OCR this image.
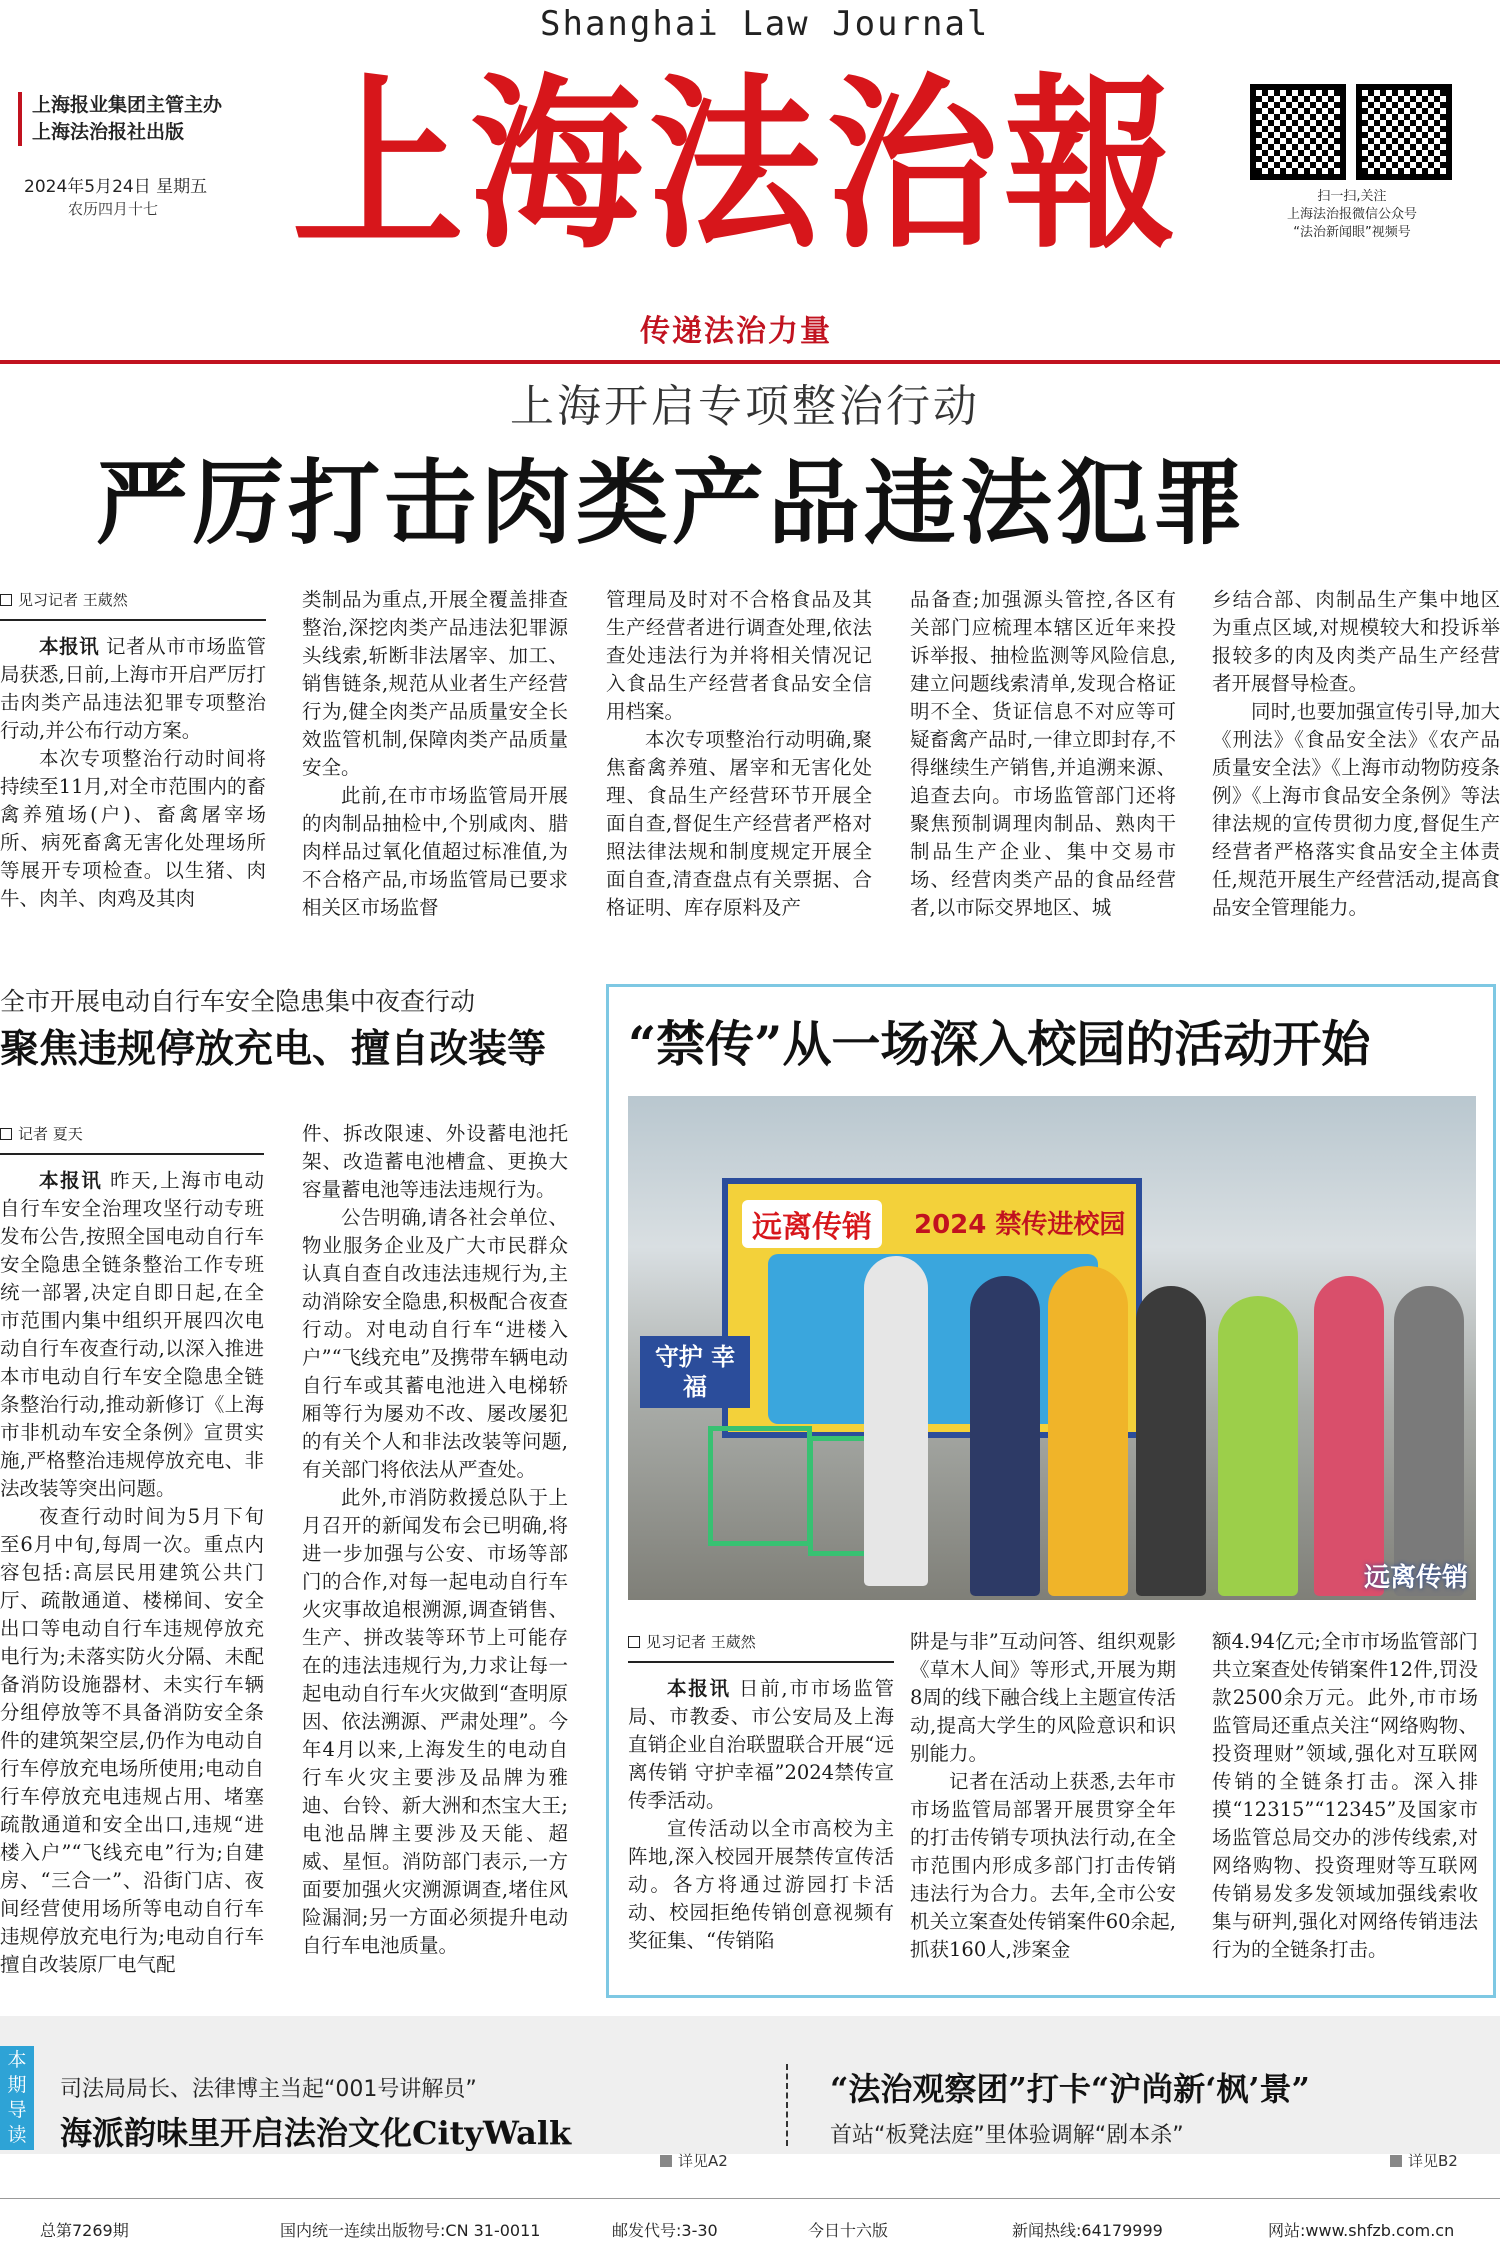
Shanghai Law Journal
上海报业集团主管主办
上海法治报社出版
2024年5月24日 星期五
农历四月十七 上海法治報	扫一扫,关注
上海法治报微信公众号
“法治新闻眼”视频号
传递法治力量
上海开启专项整治行动
严厉打击肉类产品违法犯罪
见习记者 王葳然

本报讯 记者从市市场监管局获悉,日前,上海市开启严厉打击肉类产品违法犯罪专项整治行动,并公布行动方案。

本次专项整治行动时间将持续至11月,对全市范围内的畜禽养殖场(户)、畜禽屠宰场所、病死畜禽无害化处理场所等展开专项检查。以生猪、肉牛、肉羊、肉鸡及其肉

类制品为重点,开展全覆盖排查整治,深挖肉类产品违法犯罪源头线索,斩断非法屠宰、加工、销售链条,规范从业者生产经营行为,健全肉类产品质量安全长效监管机制,保障肉类产品质量安全。

此前,在市市场监管局开展的肉制品抽检中,个别咸肉、腊肉样品过氧化值超过标准值,为不合格产品,市场监管局已要求相关区市场监督

管理局及时对不合格食品及其生产经营者进行调查处理,依法查处违法行为并将相关情况记入食品生产经营者食品安全信用档案。

本次专项整治行动明确,聚焦畜禽养殖、屠宰和无害化处理、食品生产经营环节开展全面自查,督促生产经营者严格对照法律法规和制度规定开展全面自查,清查盘点有关票据、合格证明、库存原料及产

品备查;加强源头管控,各区有关部门应梳理本辖区近年来投诉举报、抽检监测等风险信息,建立问题线索清单,发现合格证明不全、货证信息不对应等可疑畜禽产品时,一律立即封存,不得继续生产销售,并追溯来源、追查去向。市场监管部门还将聚焦预制调理肉制品、熟肉干制品生产企业、集中交易市场、经营肉类产品的食品经营者,以市际交界地区、城

乡结合部、肉制品生产集中地区为重点区域,对规模较大和投诉举报较多的肉及肉类产品生产经营者开展督导检查。

同时,也要加强宣传引导,加大《刑法》《食品安全法》《农产品质量安全法》《上海市动物防疫条例》《上海市食品安全条例》等法律法规的宣传贯彻力度,督促生产经营者严格落实食品安全主体责任,规范开展生产经营活动,提高食品安全管理能力。

全市开展电动自行车安全隐患集中夜查行动
聚焦违规停放充电、擅自改装等
记者 夏天

本报讯 昨天,上海市电动自行车安全治理攻坚行动专班发布公告,按照全国电动自行车安全隐患全链条整治工作专班统一部署,决定自即日起,在全市范围内集中组织开展四次电动自行车夜查行动,以深入推进本市电动自行车安全隐患全链条整治行动,推动新修订《上海市非机动车安全条例》宣贯实施,严格整治违规停放充电、非法改装等突出问题。

夜查行动时间为5月下旬至6月中旬,每周一次。重点内容包括:高层民用建筑公共门厅、疏散通道、楼梯间、安全出口等电动自行车违规停放充电行为;未落实防火分隔、未配备消防设施器材、未实行车辆分组停放等不具备消防安全条件的建筑架空层,仍作为电动自行车停放充电场所使用;电动自行车停放充电违规占用、堵塞疏散通道和安全出口,违规“进楼入户”“飞线充电”行为;自建房、“三合一”、沿街门店、夜间经营使用场所等电动自行车违规停放充电行为;电动自行车擅自改装原厂电气配

件、拆改限速、外设蓄电池托架、改造蓄电池槽盒、更换大容量蓄电池等违法违规行为。

公告明确,请各社会单位、物业服务企业及广大市民群众认真自查自改违法违规行为,主动消除安全隐患,积极配合夜查行动。对电动自行车“进楼入户”“飞线充电”及携带车辆电动自行车或其蓄电池进入电梯轿厢等行为屡劝不改、屡改屡犯的有关个人和非法改装等问题,有关部门将依法从严查处。

此外,市消防救援总队于上月召开的新闻发布会已明确,将进一步加强与公安、市场等部门的合作,对每一起电动自行车火灾事故追根溯源,调查销售、生产、拼改装等环节上可能存在的违法违规行为,力求让每一起电动自行车火灾做到“查明原因、依法溯源、严肃处理”。今年4月以来,上海发生的电动自行车火灾主要涉及品牌为雅迪、台铃、新大洲和杰宝大王;电池品牌主要涉及天能、超威、星恒。消防部门表示,一方面要加强火灾溯源调查,堵住风险漏洞;另一方面必须提升电动自行车电池质量。

“禁传”从一场深入校园的活动开始
远离传销	2024 禁传进校园
守护 幸福
远离传销
见习记者 王葳然

本报讯 日前,市市场监管局、市教委、市公安局及上海直销企业自治联盟联合开展“远离传销 守护幸福”2024禁传宣传季活动。

宣传活动以全市高校为主阵地,深入校园开展禁传宣传活动。各方将通过游园打卡活动、校园拒绝传销创意视频有奖征集、“传销陷

阱是与非”互动问答、组织观影《草木人间》等形式,开展为期8周的线下融合线上主题宣传活动,提高大学生的风险意识和识别能力。

记者在活动上获悉,去年市市场监管局部署开展贯穿全年的打击传销专项执法行动,在全市范围内形成多部门打击传销违法行为合力。去年,全市公安机关立案查处传销案件60余起,抓获160人,涉案金

额4.94亿元;全市市场监管部门共立案查处传销案件12件,罚没款2500余万元。此外,市市场监管局还重点关注“网络购物、投资理财”领域,强化对互联网传销的全链条打击。深入排摸“12315”“12345”及国家市场监管总局交办的涉传线索,对网络购物、投资理财等互联网传销易发多发领域加强线索收集与研判,强化对网络传销违法行为的全链条打击。

本期导读
司法局局长、法律博主当起“001号讲解员”
海派韵味里开启法治文化CityWalk
详见A2
“法治观察团”打卡“沪尚新‘枫’景”
首站“板凳法庭”里体验调解“剧本杀”
详见B2
总第7269期	国内统一连续出版物号:CN 31-0011	邮发代号:3-30	今日十六版	新闻热线:64179999	网站:www.shfzb.com.cn
